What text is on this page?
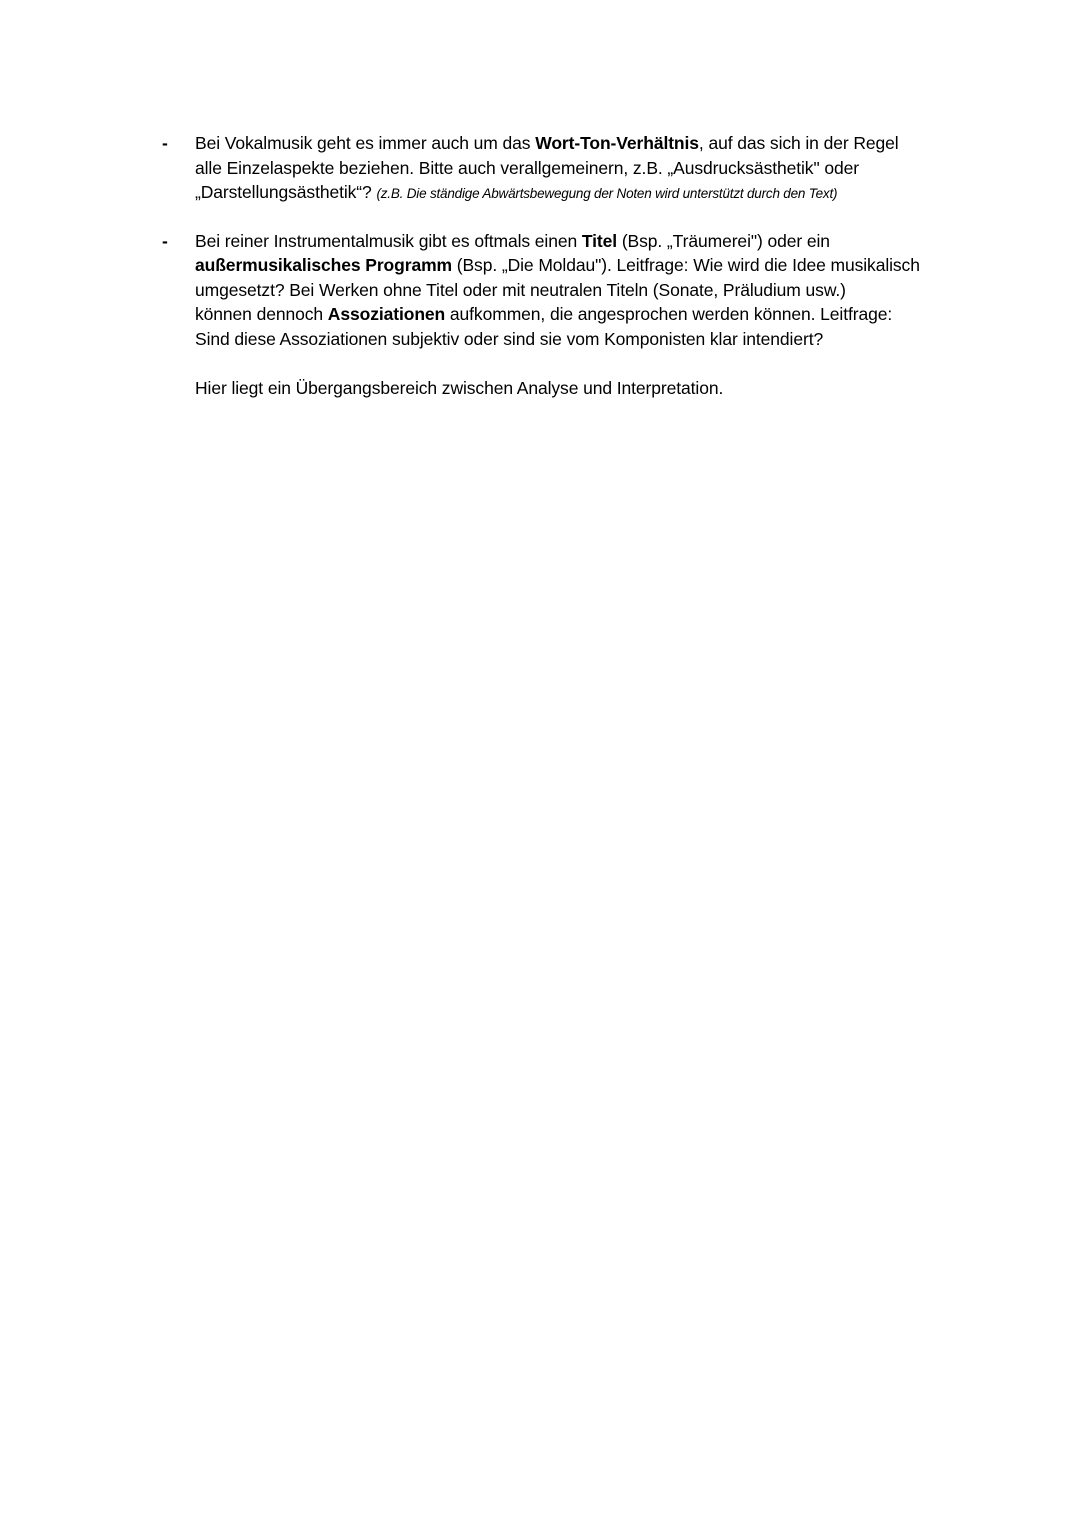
- Bei Vokalmusik geht es immer auch um das Wort-Ton-Verhältnis, auf das sich in der Regel
alle Einzelaspekte beziehen. Bitte auch verallgemeinern, z.B. „Ausdrucksästhetik" oder
„Darstellungsästhetik“? (z.B. Die ständige Abwärtsbewegung der Noten wird unterstützt durch den Text)
- Bei reiner Instrumentalmusik gibt es oftmals einen Titel (Bsp. „Träumerei") oder ein
außermusikalisches Programm (Bsp. „Die Moldau"). Leitfrage: Wie wird die Idee musikalisch
umgesetzt? Bei Werken ohne Titel oder mit neutralen Titeln (Sonate, Präludium usw.)
können dennoch Assoziationen aufkommen, die angesprochen werden können. Leitfrage:
Sind diese Assoziationen subjektiv oder sind sie vom Komponisten klar intendiert?
Hier liegt ein Übergangsbereich zwischen Analyse und Interpretation.
